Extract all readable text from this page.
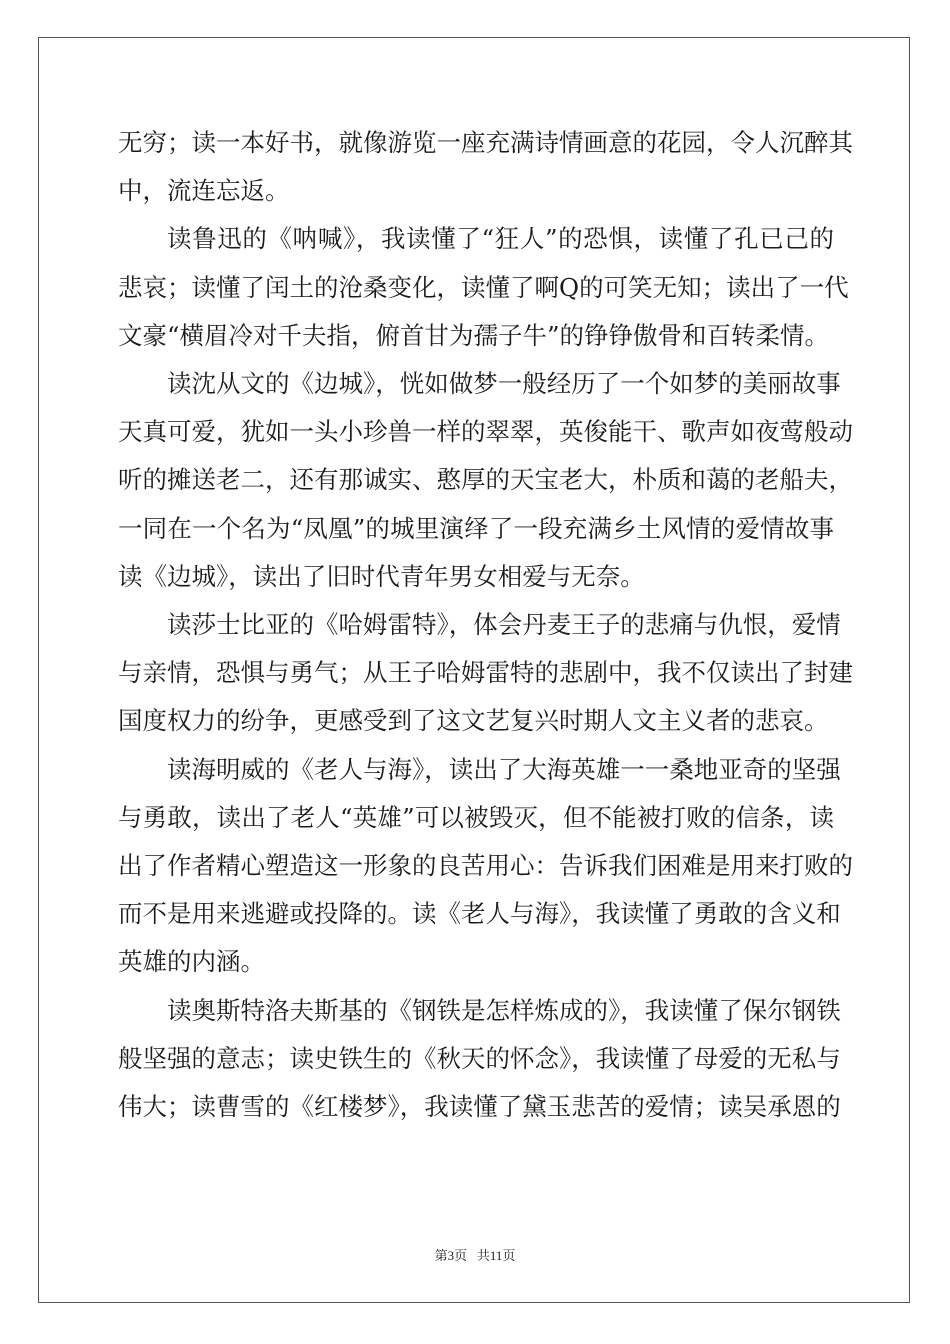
无穷；读一本好书，就像游览一座充满诗情画意的花园，令人沉醉其
中，流连忘返。
读鲁迅的《呐喊》，我读懂了“狂人”的恐惧，读懂了孔已己的
悲哀；读懂了闰土的沧桑变化，读懂了啊Q的可笑无知；读出了一代
文豪“横眉冷对千夫指，俯首甘为孺子牛”的铮铮傲骨和百转柔情。
读沈从文的《边城》，恍如做梦一般经历了一个如梦的美丽故事
天真可爱，犹如一头小珍兽一样的翠翠，英俊能干、歌声如夜莺般动
听的摊送老二，还有那诚实、憨厚的天宝老大，朴质和蔼的老船夫，
一同在一个名为“凤凰”的城里演绎了一段充满乡土风情的爱情故事
读《边城》，读出了旧时代青年男女相爱与无奈。
读莎士比亚的《哈姆雷特》，体会丹麦王子的悲痛与仇恨，爱情
与亲情，恐惧与勇气；从王子哈姆雷特的悲剧中，我不仅读出了封建
国度权力的纷争，更感受到了这文艺复兴时期人文主义者的悲哀。
读海明威的《老人与海》，读出了大海英雄一一桑地亚奇的坚强
与勇敢，读出了老人“英雄”可以被毁灭，但不能被打败的信条，读
出了作者精心塑造这一形象的良苦用心：告诉我们困难是用来打败的
而不是用来逃避或投降的。读《老人与海》，我读懂了勇敢的含义和
英雄的内涵。
读奥斯特洛夫斯基的《钢铁是怎样炼成的》，我读懂了保尔钢铁
般坚强的意志；读史铁生的《秋天的怀念》，我读懂了母爱的无私与
伟大；读曹雪的《红楼梦》，我读懂了黛玉悲苦的爱情；读吴承恩的
第3页 共11页
